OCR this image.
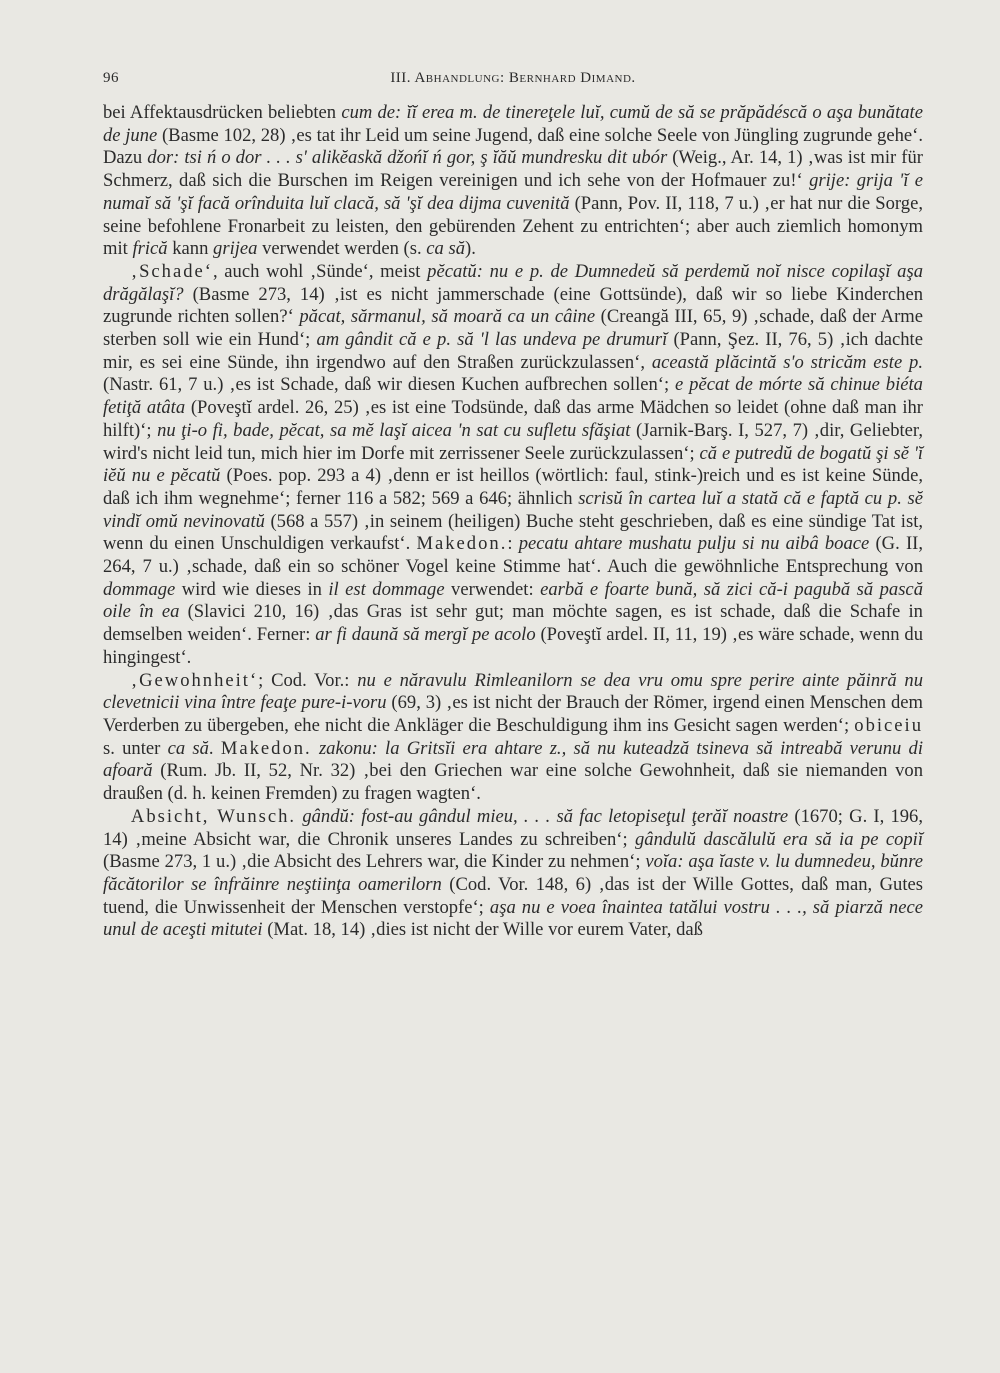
96	III. Abhandlung: Bernhard Dimand.

bei Affektausdrücken beliebten cum de: ĭĭ erea m. de tinereţele luĭ, cumŭ de să se prăpădéscă o aşa bunătate de june (Basme 102, 28) ‚es tat ihr Leid um seine Jugend, daß eine solche Seele von Jüngling zugrunde gehe‘. Dazu dor: tsi ń o dor . . . s' alikĕaskă džońĭ ń gor, ş ĭăŭ mundresku dit ubór (Weig., Ar. 14, 1) ‚was ist mir für Schmerz, daß sich die Burschen im Reigen vereinigen und ich sehe von der Hofmauer zu!‘ grije: grija 'ĭ e numaĭ să 'şĭ facă orînduita luĭ clacă, să 'şĭ dea dijma cuvenită (Pann, Pov. II, 118, 7 u.) ‚er hat nur die Sorge, seine befohlene Fronarbeit zu leisten, den gebürenden Zehent zu entrichten‘; aber auch ziemlich homonym mit frică kann grijea verwendet werden (s. ca să).

‚Schade‘, auch wohl ‚Sünde‘, meist pĕcatŭ: nu e p. de Dumnedeŭ să perdemŭ noĭ nisce copilaşĭ aşa drăgălaşĭ? (Basme 273, 14) ‚ist es nicht jammerschade (eine Gottsünde), daß wir so liebe Kinderchen zugrunde richten sollen?‘ păcat, sărmanul, să moară ca un câine (Creangă III, 65, 9) ‚schade, daß der Arme sterben soll wie ein Hund‘; am gândit că e p. să 'l las undeva pe drumurĭ (Pann, Şez. II, 76, 5) ‚ich dachte mir, es sei eine Sünde, ihn irgendwo auf den Straßen zurückzulassen‘, această plăcintă s'o stricăm este p. (Nastr. 61, 7 u.) ‚es ist Schade, daß wir diesen Kuchen aufbrechen sollen‘; e pĕcat de mórte să chinue biéta fetiţă atâta (Poveştĭ ardel. 26, 25) ‚es ist eine Todsünde, daß das arme Mädchen so leidet (ohne daß man ihr hilft)‘; nu ţi-o fi, bade, pĕcat, sa mĕ laşĭ aicea 'n sat cu sufletu sfăşiat (Jarnik-Barş. I, 527, 7) ‚dir, Geliebter, wird's nicht leid tun, mich hier im Dorfe mit zerrissener Seele zurückzulassen‘; că e putredŭ de bogatŭ şi sĕ 'ĭ iĕŭ nu e pĕcatŭ (Poes. pop. 293 a 4) ‚denn er ist heillos (wörtlich: faul, stink-)reich und es ist keine Sünde, daß ich ihm wegnehme‘; ferner 116 a 582; 569 a 646; ähnlich scrisŭ în cartea luĭ a stată că e faptă cu p. sĕ vindĭ omŭ nevinovatŭ (568 a 557) ‚in seinem (heiligen) Buche steht geschrieben, daß es eine sündige Tat ist, wenn du einen Unschuldigen verkaufst‘. Makedon.: pecatu ahtare mushatu pulju si nu aibâ boace (G. II, 264, 7 u.) ‚schade, daß ein so schöner Vogel keine Stimme hat‘. Auch die gewöhnliche Entsprechung von dommage wird wie dieses in il est dommage verwendet: earbă e foarte bună, să zici că-i pagubă să pască oile în ea (Slavici 210, 16) ‚das Gras ist sehr gut; man möchte sagen, es ist schade, daß die Schafe in demselben weiden‘. Ferner: ar fi daună să mergĭ pe acolo (Poveştĭ ardel. II, 11, 19) ‚es wäre schade, wenn du hingingest‘.

‚Gewohnheit‘; Cod. Vor.: nu e năravulu Rimleanilorn se dea vru omu spre perire ainte păinră nu clevetnicii vina între feaţe pure-i-voru (69, 3) ‚es ist nicht der Brauch der Römer, irgend einen Menschen dem Verderben zu übergeben, ehe nicht die Ankläger die Beschuldigung ihm ins Gesicht sagen werden‘; obiceiu s. unter ca să. Makedon. zakonu: la Gritsĭi era ahtare z., să nu kuteadză tsineva să intreabă verunu di afoară (Rum. Jb. II, 52, Nr. 32) ‚bei den Griechen war eine solche Gewohnheit, daß sie niemanden von draußen (d. h. keinen Fremden) zu fragen wagten‘.

Absicht, Wunsch. gândŭ: fost-au gândul mieu, . . . să fac letopiseţul ţerăĭ noastre (1670; G. I, 196, 14) ‚meine Absicht war, die Chronik unseres Landes zu schreiben‘; gândulŭ dascălulŭ era să ia pe copiĭ (Basme 273, 1 u.) ‚die Absicht des Lehrers war, die Kinder zu nehmen‘; voĭa: aşa ĭaste v. lu dumnedeu, bŭnre făcătorilor se înfrăinre neştiinţa oamerilorn (Cod. Vor. 148, 6) ‚das ist der Wille Gottes, daß man, Gutes tuend, die Unwissenheit der Menschen verstopfe‘; aşa nu e voea înaintea tatălui vostru . . ., să piarză nece unul de aceşti mitutei (Mat. 18, 14) ‚dies ist nicht der Wille vor eurem Vater, daß
